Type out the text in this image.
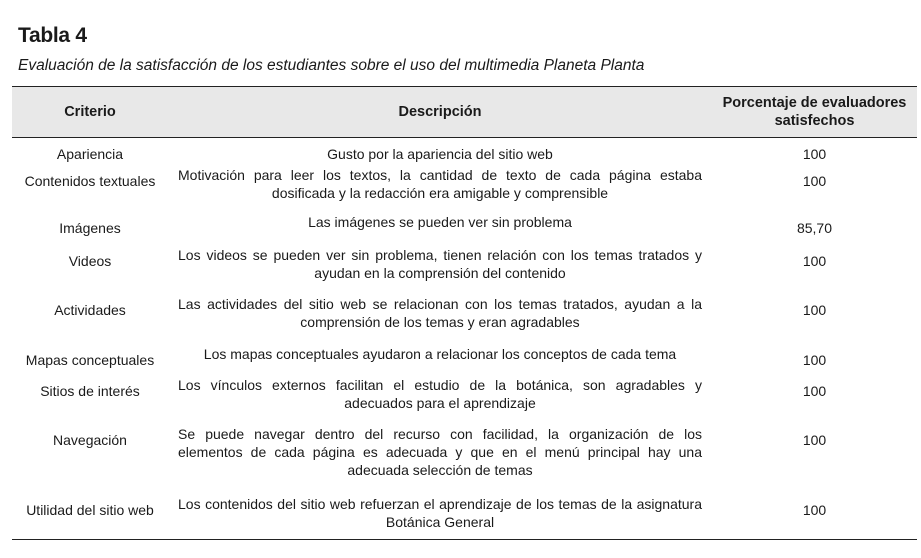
Tabla 4

Evaluación de la satisfacción de los estudiantes sobre el uso del multimedia Planeta Planta

Criterio	Descripción	Porcentaje de evaluadores satisfechos
Apariencia	Gusto por la apariencia del sitio web	100
Contenidos textuales	Motivación para leer los textos, la cantidad de texto de cada página estaba dosificada y la redacción era amigable y comprensible	100
Imágenes	Las imágenes se pueden ver sin problema	85,70
Videos	Los videos se pueden ver sin problema, tienen relación con los temas tratados y ayudan en la comprensión del contenido	100
Actividades	Las actividades del sitio web se relacionan con los temas tratados, ayudan a la comprensión de los temas y eran agradables	100
Mapas conceptuales	Los mapas conceptuales ayudaron a relacionar los conceptos de cada tema	100
Sitios de interés	Los vínculos externos facilitan el estudio de la botánica, son agradables y adecuados para el aprendizaje	100
Navegación	Se puede navegar dentro del recurso con facilidad, la organización de los elementos de cada página es adecuada y que en el menú principal hay una adecuada selección de temas	100
Utilidad del sitio web	Los contenidos del sitio web refuerzan el aprendizaje de los temas de la asignatura Botánica General	100
